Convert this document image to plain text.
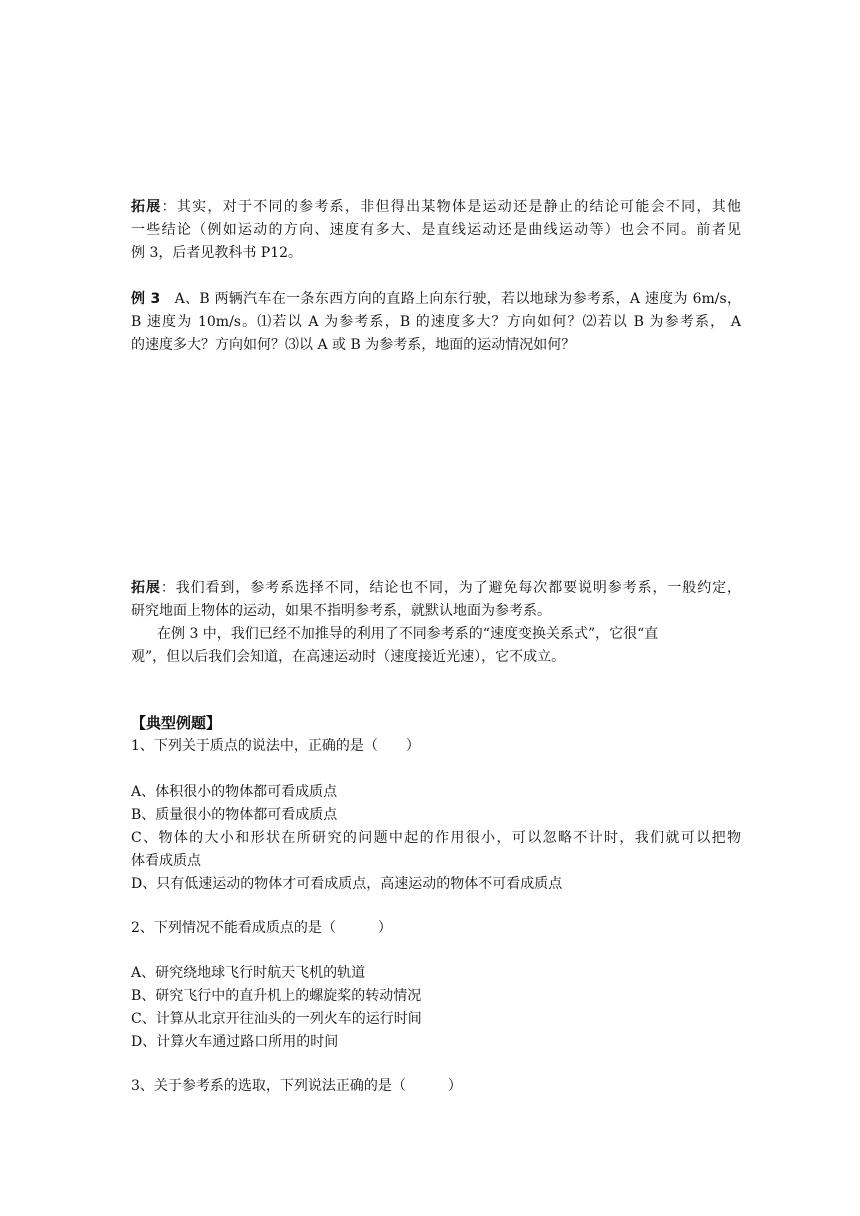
拓展：其实，对于不同的参考系，非但得出某物体是运动还是静止的结论可能会不同，其他
一些结论（例如运动的方向、速度有多大、是直线运动还是曲线运动等）也会不同。前者见
例 3，后者见教科书 P12。
例 3 A、B 两辆汽车在一条东西方向的直路上向东行驶，若以地球为参考系，A 速度为 6m/s，
B 速度为 10m/s。⑴若以 A 为参考系，B 的速度多大？方向如何？⑵若以 B 为参考系， A
的速度多大？方向如何？⑶以 A 或 B 为参考系，地面的运动情况如何？
拓展：我们看到，参考系选择不同，结论也不同，为了避免每次都要说明参考系，一般约定，
研究地面上物体的运动，如果不指明参考系，就默认地面为参考系。
在例 3 中，我们已经不加推导的利用了不同参考系的“速度变换关系式”，它很“直
观”，但以后我们会知道，在高速运动时（速度接近光速），它不成立。
【典型例题】
1、下列关于质点的说法中，正确的是（　　）
A、体积很小的物体都可看成质点
B、质量很小的物体都可看成质点
C、物体的大小和形状在所研究的问题中起的作用很小，可以忽略不计时，我们就可以把物
体看成质点
D、只有低速运动的物体才可看成质点，高速运动的物体不可看成质点
2、下列情况不能看成质点的是（　　　）
A、研究绕地球飞行时航天飞机的轨道
B、研究飞行中的直升机上的螺旋桨的转动情况
C、计算从北京开往汕头的一列火车的运行时间
D、计算火车通过路口所用的时间
3、关于参考系的选取，下列说法正确的是（　　　）
